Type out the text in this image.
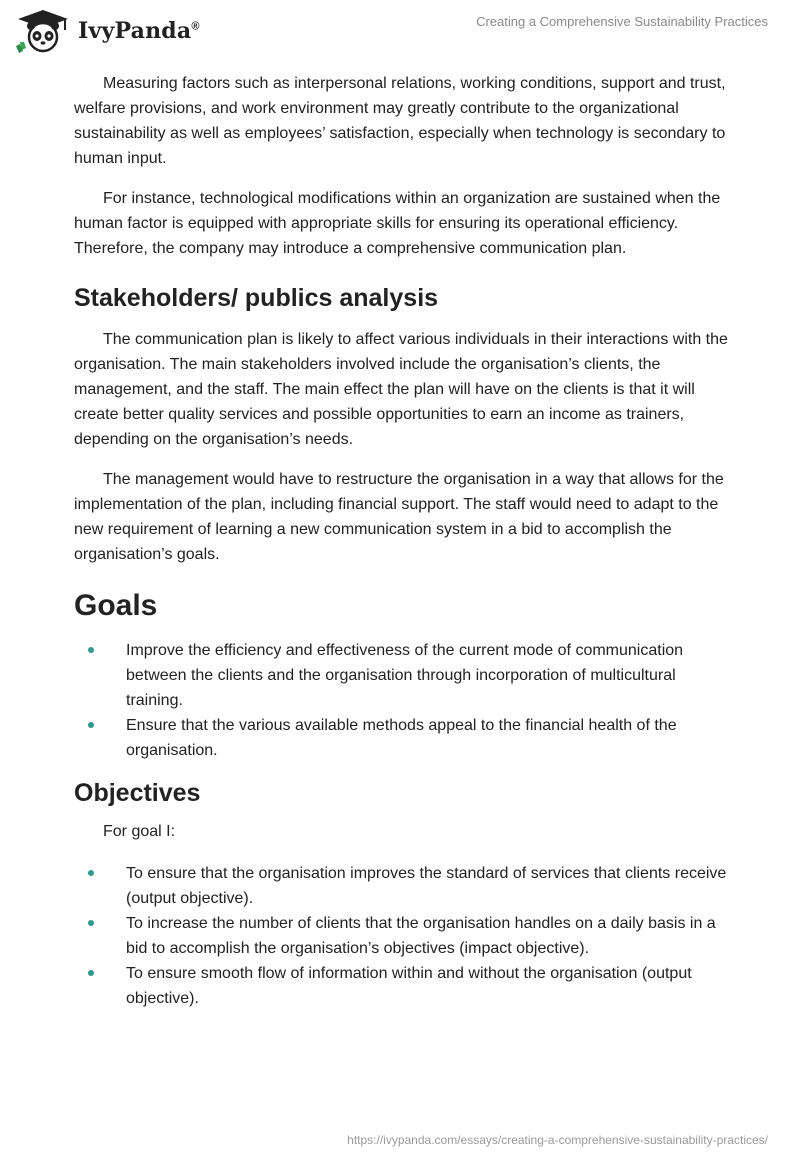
IvyPanda®	Creating a Comprehensive Sustainability Practices

Measuring factors such as interpersonal relations, working conditions, support and trust, welfare provisions, and work environment may greatly contribute to the organizational sustainability as well as employees’ satisfaction, especially when technology is secondary to human input.

For instance, technological modifications within an organization are sustained when the human factor is equipped with appropriate skills for ensuring its operational efficiency. Therefore, the company may introduce a comprehensive communication plan.

Stakeholders/ publics analysis

The communication plan is likely to affect various individuals in their interactions with the organisation. The main stakeholders involved include the organisation’s clients, the management, and the staff. The main effect the plan will have on the clients is that it will create better quality services and possible opportunities to earn an income as trainers, depending on the organisation’s needs.

The management would have to restructure the organisation in a way that allows for the implementation of the plan, including financial support. The staff would need to adapt to the new requirement of learning a new communication system in a bid to accomplish the organisation’s goals.

Goals
Improve the efficiency and effectiveness of the current mode of communication between the clients and the organisation through incorporation of multicultural training.
Ensure that the various available methods appeal to the financial health of the organisation.
Objectives

For goal I:

To ensure that the organisation improves the standard of services that clients receive (output objective).
To increase the number of clients that the organisation handles on a daily basis in a bid to accomplish the organisation’s objectives (impact objective).
To ensure smooth flow of information within and without the organisation (output objective).
https://ivypanda.com/essays/creating-a-comprehensive-sustainability-practices/
